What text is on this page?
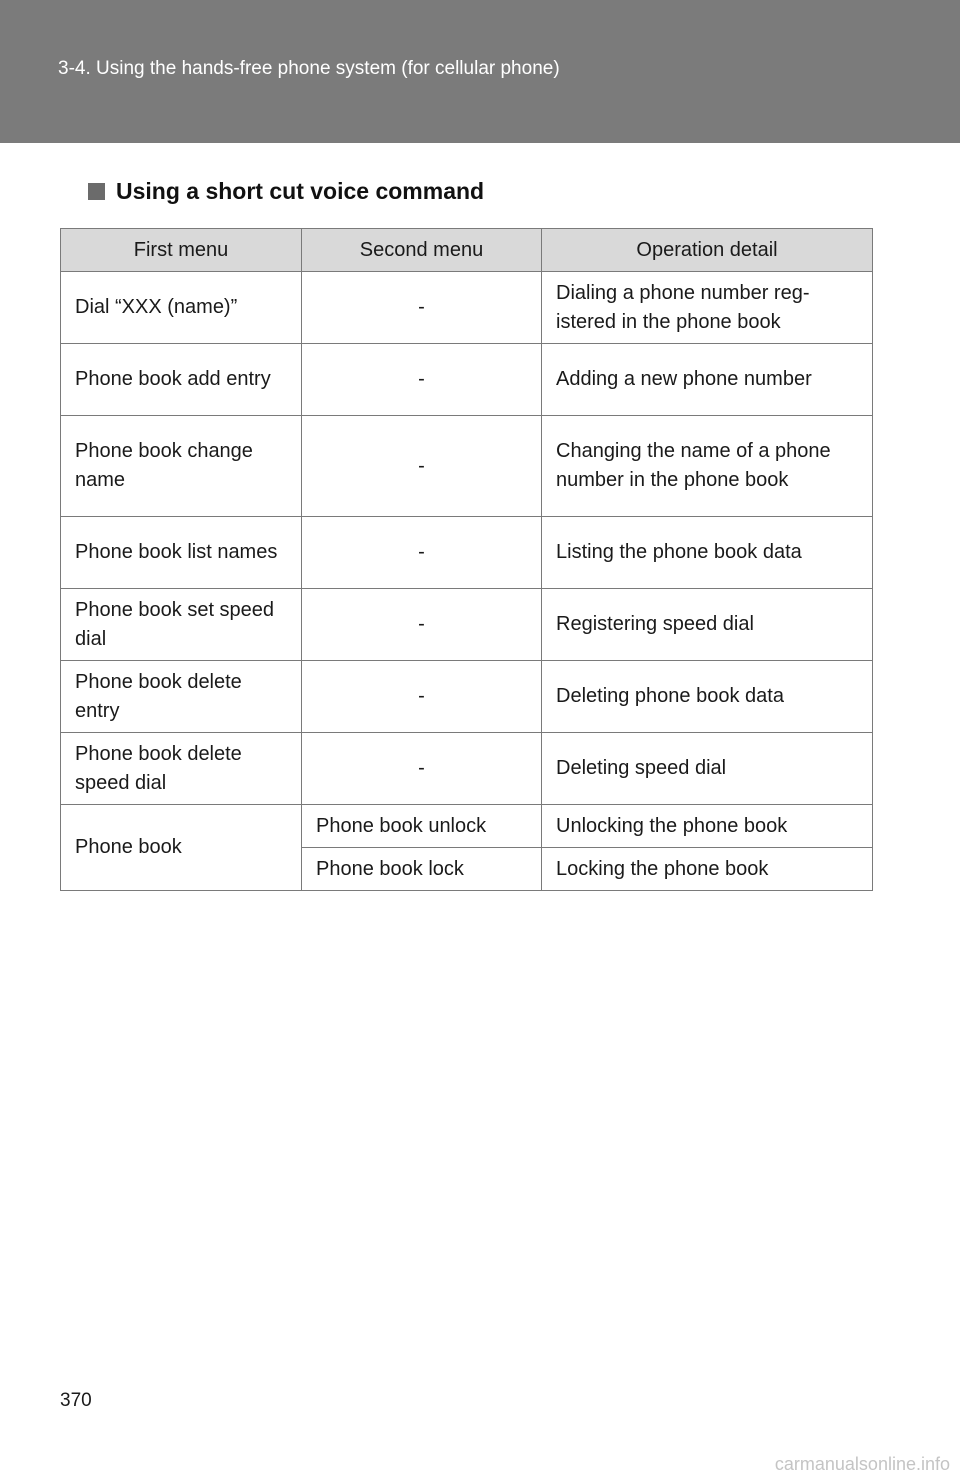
3-4. Using the hands-free phone system (for cellular phone)
Using a short cut voice command
First menu	Second menu	Operation detail
Dial “XXX (name)”	-	Dialing a phone number reg- istered in the phone book
Phone book add entry	-	Adding a new phone number
Phone book change name	-	Changing the name of a phone number in the phone book
Phone book list names	-	Listing the phone book data
Phone book set speed dial	-	Registering speed dial
Phone book delete entry	-	Deleting phone book data
Phone book delete speed dial	-	Deleting speed dial
Phone book	Phone book unlock	Unlocking the phone book
	Phone book lock	Locking the phone book
370
carmanualsonline.info
